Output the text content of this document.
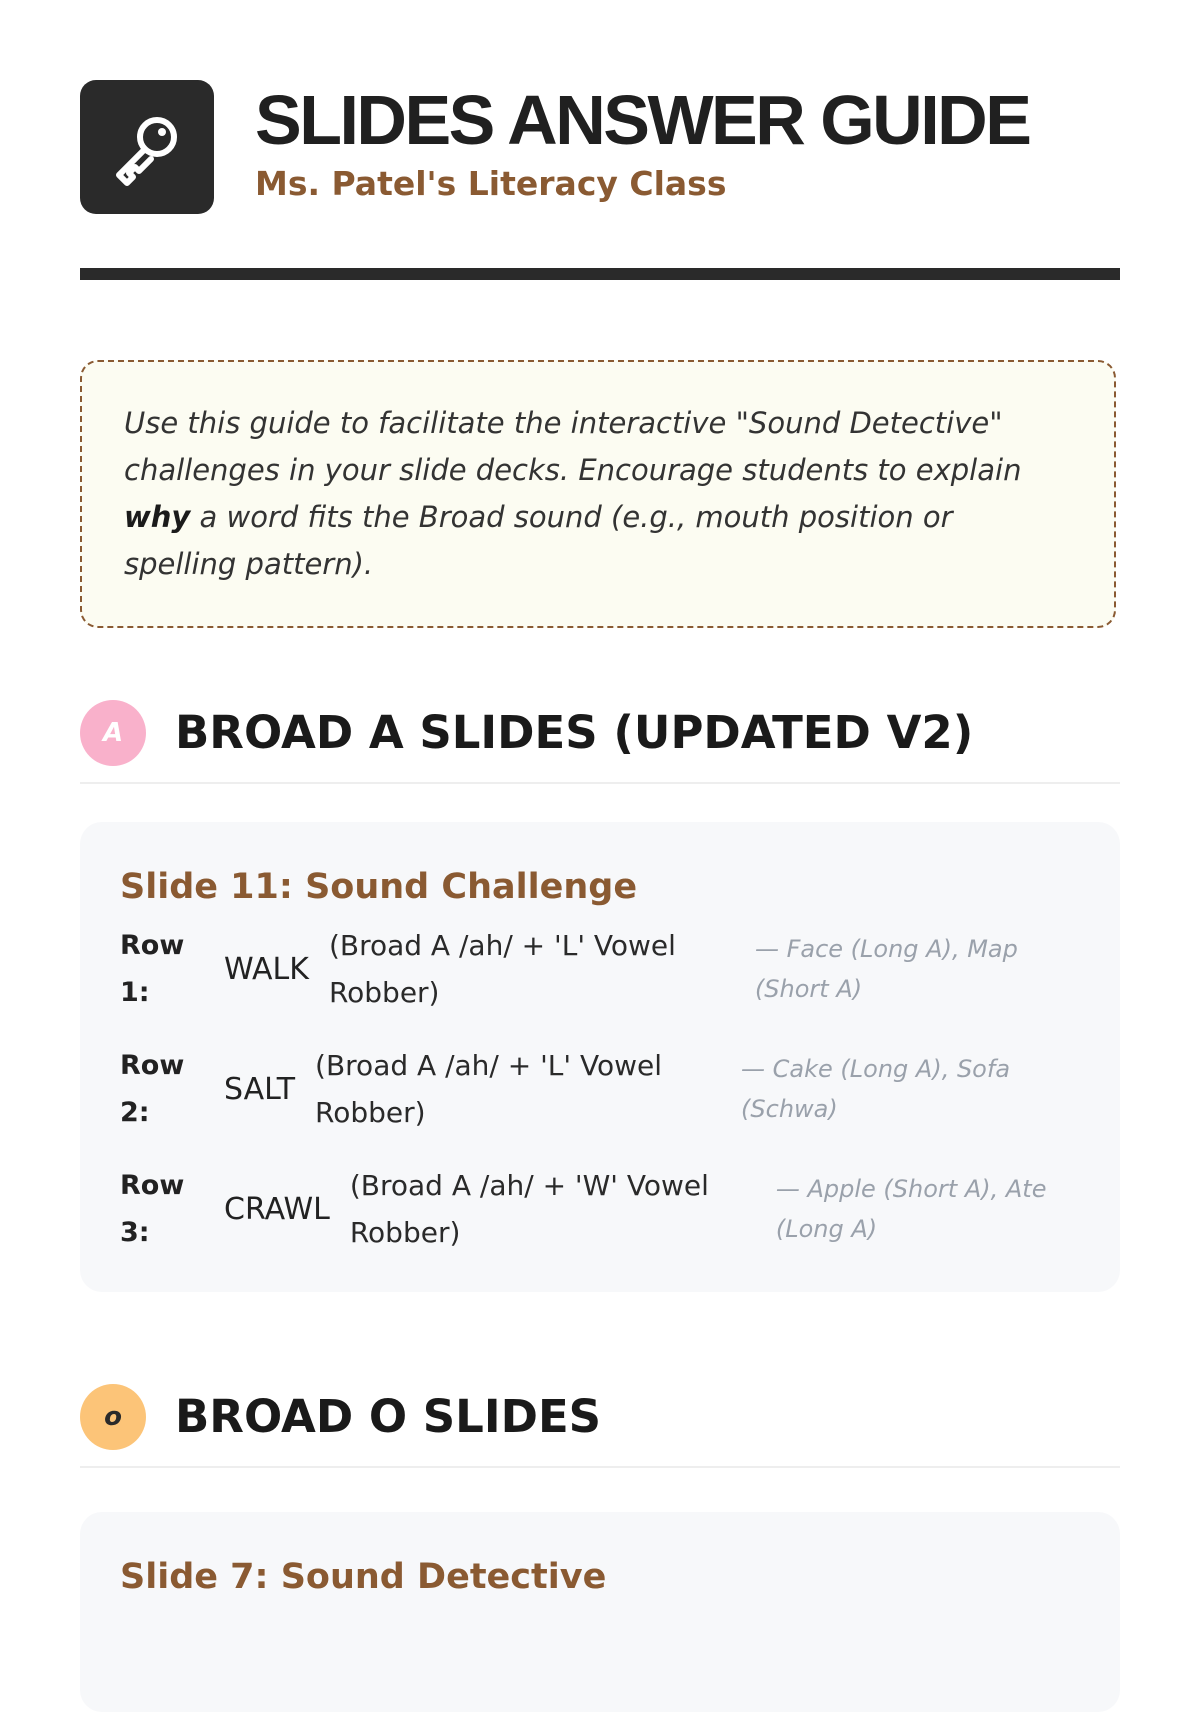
SLIDES ANSWER GUIDE
Ms. Patel's Literacy Class

Use this guide to facilitate the interactive "Sound Detective" challenges in your slide decks. Encourage students to explain why a word fits the Broad sound (e.g., mouth position or spelling pattern).

A	BROAD A SLIDES (UPDATED V2)
Slide 11: Sound Challenge
Row 1:
WALK
(Broad A /ah/ + 'L' Vowel Robber)
— Face (Long A), Map (Short A)
Row 2:
SALT
(Broad A /ah/ + 'L' Vowel Robber)
— Cake (Long A), Sofa (Schwa)
Row 3:
CRAWL
(Broad A /ah/ + 'W' Vowel Robber)
— Apple (Short A), Ate (Long A)
o	BROAD O SLIDES
Slide 7: Sound Detective
